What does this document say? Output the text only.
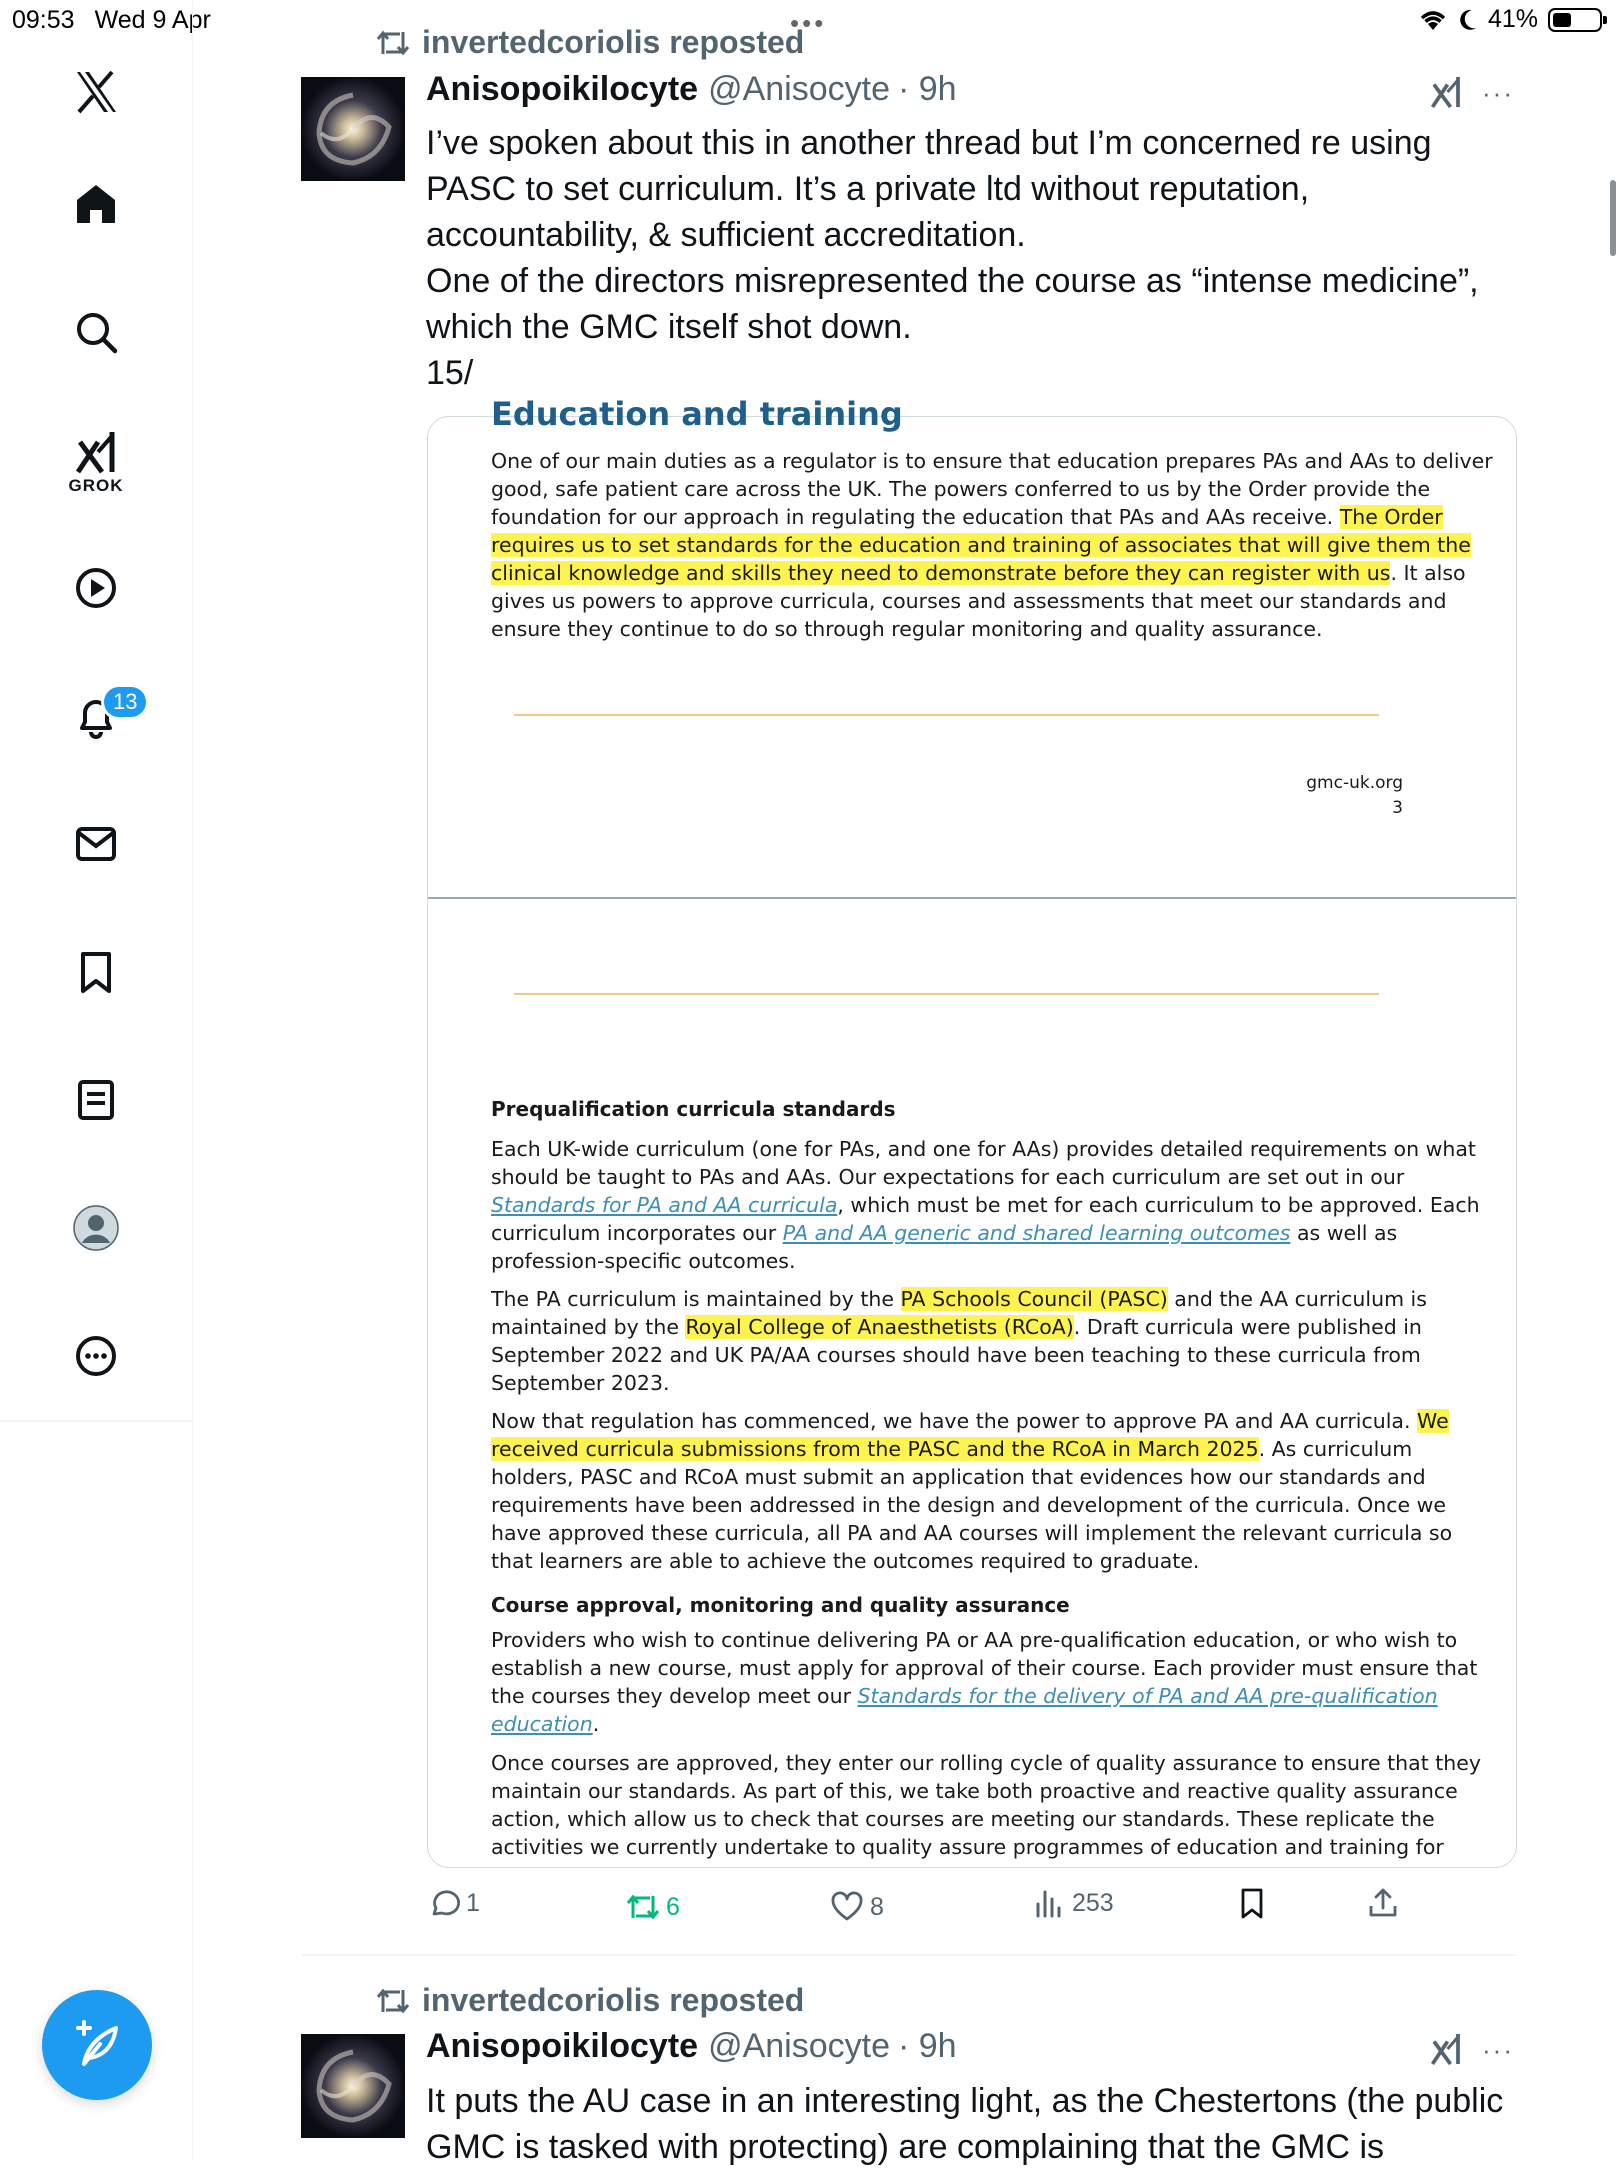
09:53 Wed 9 Apr	•••	41%
GROK
13
invertedcoriolis reposted
Anisopoikilocyte @Anisocyte · 9h	···
I’ve spoken about this in another thread but I’m concerned re using
PASC to set curriculum. It’s a private ltd without reputation,
accountability, & sufficient accreditation.
One of the directors misrepresented the course as “intense medicine”,
which the GMC itself shot down.
15/
Education and training
One of our main duties as a regulator is to ensure that education prepares PAs and AAs to deliver
good, safe patient care across the UK. The powers conferred to us by the Order provide the
foundation for our approach in regulating the education that PAs and AAs receive. The Order
requires us to set standards for the education and training of associates that will give them the
clinical knowledge and skills they need to demonstrate before they can register with us. It also
gives us powers to approve curricula, courses and assessments that meet our standards and
ensure they continue to do so through regular monitoring and quality assurance.
gmc-uk.org
3
Prequalification curricula standards
Each UK-wide curriculum (one for PAs, and one for AAs) provides detailed requirements on what
should be taught to PAs and AAs. Our expectations for each curriculum are set out in our
Standards for PA and AA curricula, which must be met for each curriculum to be approved. Each
curriculum incorporates our PA and AA generic and shared learning outcomes as well as
profession-specific outcomes.
The PA curriculum is maintained by the PA Schools Council (PASC) and the AA curriculum is
maintained by the Royal College of Anaesthetists (RCoA). Draft curricula were published in
September 2022 and UK PA/AA courses should have been teaching to these curricula from
September 2023.
Now that regulation has commenced, we have the power to approve PA and AA curricula. We
received curricula submissions from the PASC and the RCoA in March 2025. As curriculum
holders, PASC and RCoA must submit an application that evidences how our standards and
requirements have been addressed in the design and development of the curricula. Once we
have approved these curricula, all PA and AA courses will implement the relevant curricula so
that learners are able to achieve the outcomes required to graduate.
Course approval, monitoring and quality assurance
Providers who wish to continue delivering PA or AA pre-qualification education, or who wish to
establish a new course, must apply for approval of their course. Each provider must ensure that
the courses they develop meet our Standards for the delivery of PA and AA pre-qualification
education.
Once courses are approved, they enter our rolling cycle of quality assurance to ensure that they
maintain our standards. As part of this, we take both proactive and reactive quality assurance
action, which allow us to check that courses are meeting our standards. These replicate the
activities we currently undertake to quality assure programmes of education and training for
1	6	8	253
invertedcoriolis reposted
Anisopoikilocyte @Anisocyte · 9h	···
It puts the AU case in an interesting light, as the Chestertons (the public
GMC is tasked with protecting) are complaining that the GMC is
